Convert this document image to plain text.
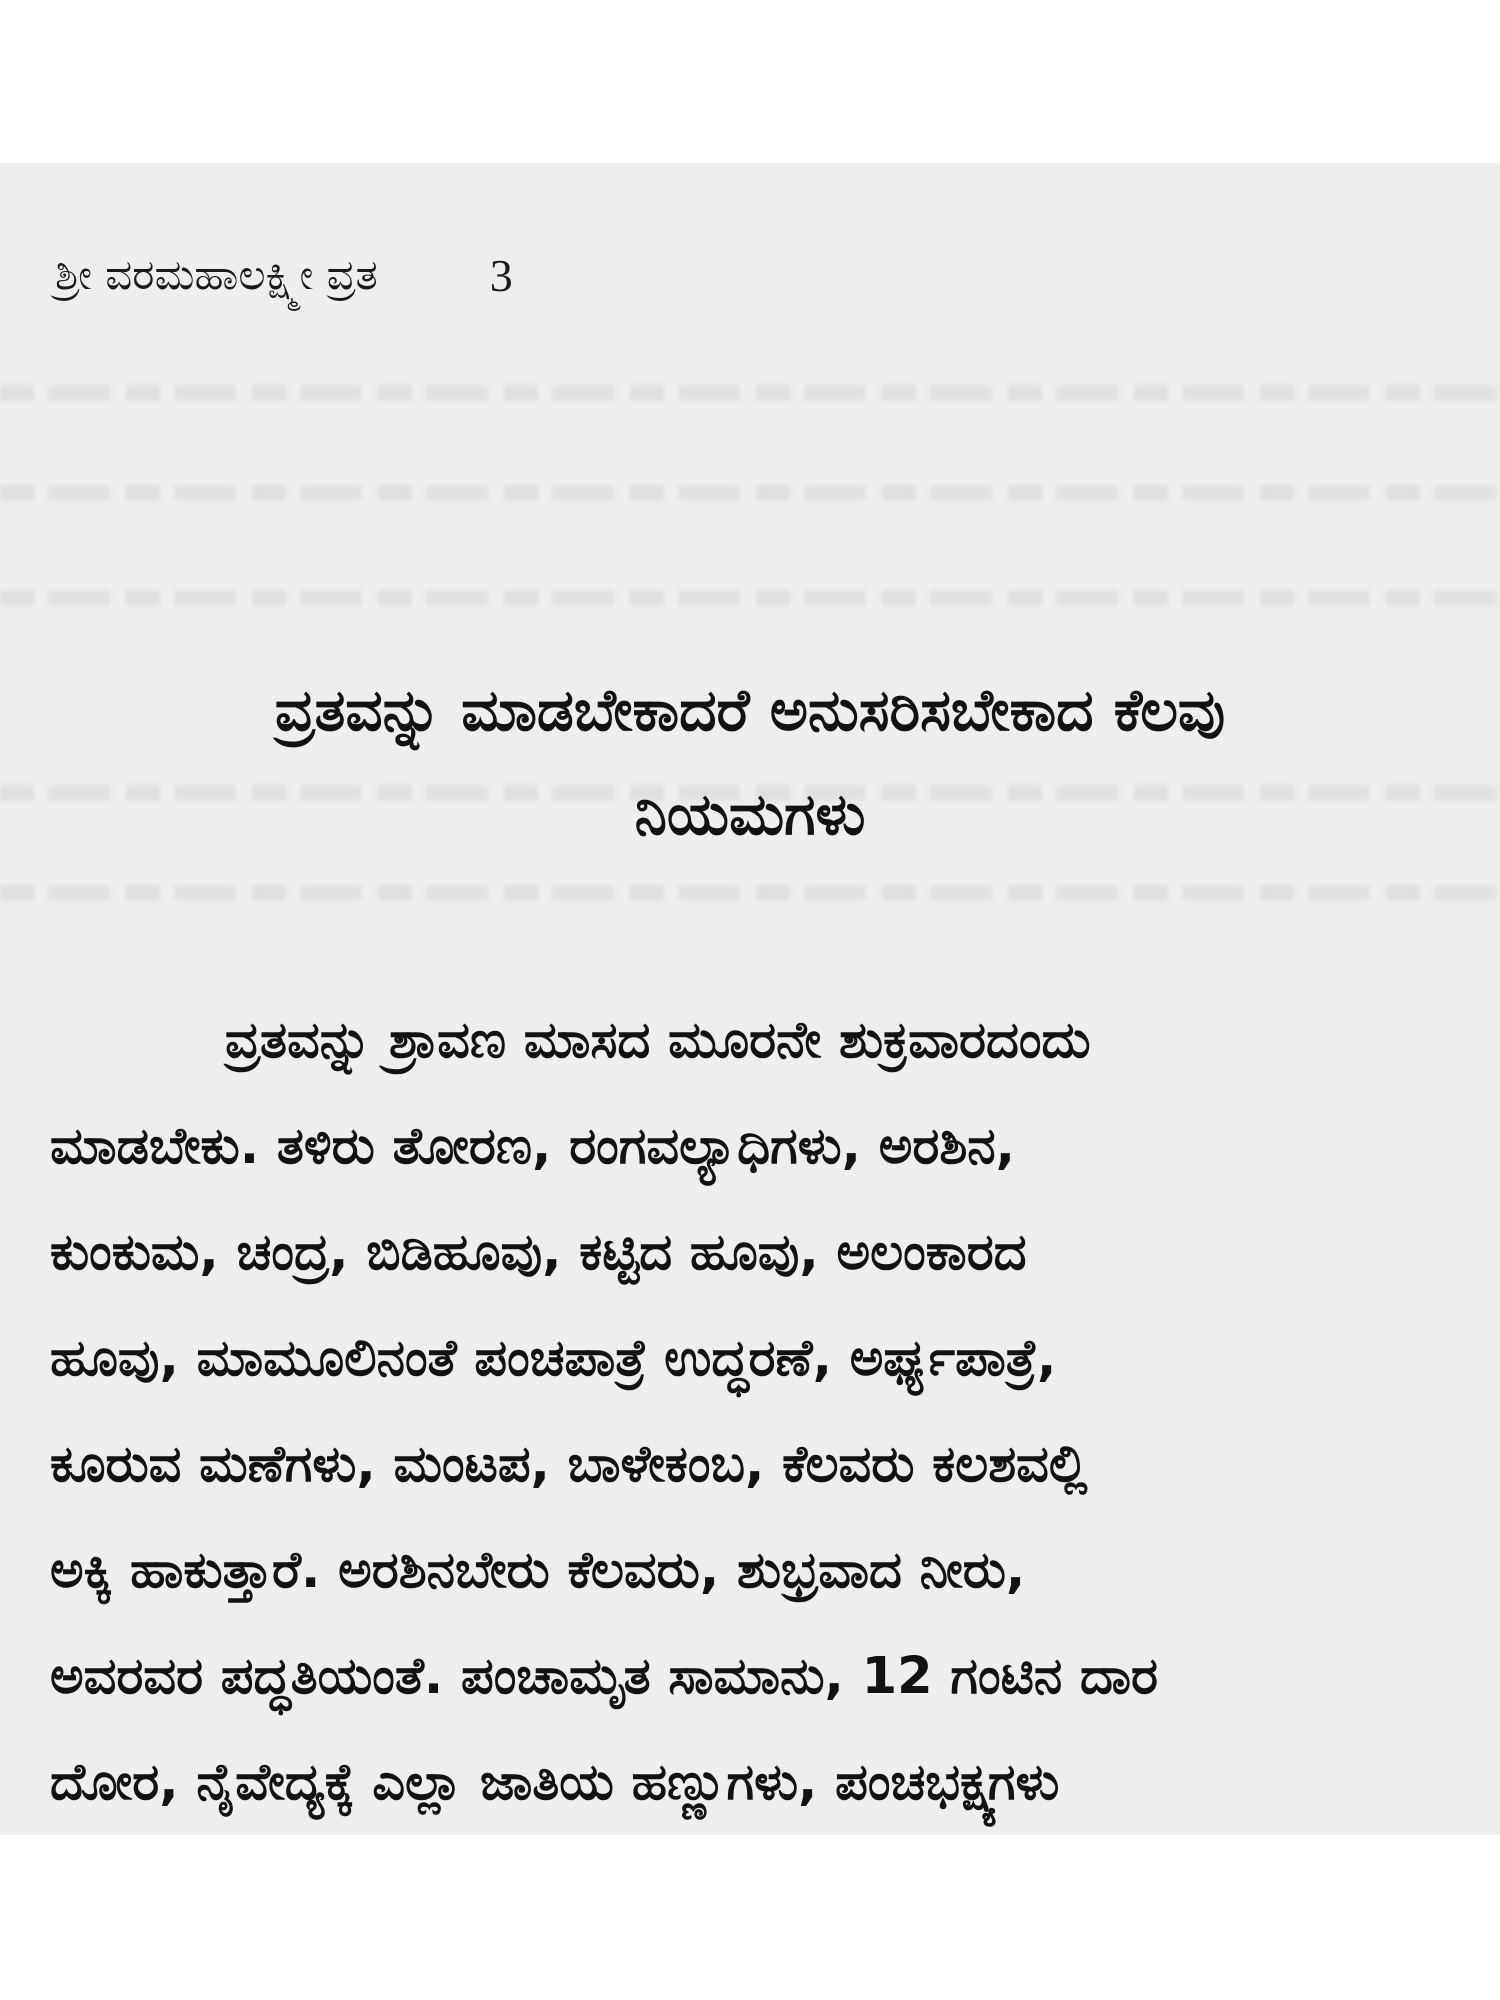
ಶ್ರೀ ವರಮಹಾಲಕ್ಷ್ಮೀ ವ್ರತ 3
ವ್ರತವನ್ನು ಮಾಡಬೇಕಾದರೆ ಅನುಸರಿಸಬೇಕಾದ ಕೆಲವು
ನಿಯಮಗಳು
ವ್ರತವನ್ನು ಶ್ರಾವಣ ಮಾಸದ ಮೂರನೇ ಶುಕ್ರವಾರದಂದು
ಮಾಡಬೇಕು. ತಳಿರು ತೋರಣ, ರಂಗವಲ್ಯಾಧಿಗಳು, ಅರಶಿನ,
ಕುಂಕುಮ, ಚಂದ್ರ, ಬಿಡಿಹೂವು, ಕಟ್ಟಿದ ಹೂವು, ಅಲಂಕಾರದ
ಹೂವು, ಮಾಮೂಲಿನಂತೆ ಪಂಚಪಾತ್ರೆ ಉದ್ಧರಣೆ, ಅರ್ಘ್ಯಪಾತ್ರೆ,
ಕೂರುವ ಮಣೆಗಳು, ಮಂಟಪ, ಬಾಳೇಕಂಬ, ಕೆಲವರು ಕಲಶವಲ್ಲಿ
ಅಕ್ಕಿ ಹಾಕುತ್ತಾರೆ. ಅರಶಿನಬೇರು ಕೆಲವರು, ಶುಭ್ರವಾದ ನೀರು,
ಅವರವರ ಪದ್ಧತಿಯಂತೆ. ಪಂಚಾಮೃತ ಸಾಮಾನು, 12 ಗಂಟಿನ ದಾರ
ದೋರ, ನೈವೇದ್ಯಕ್ಕೆ ಎಲ್ಲಾ ಜಾತಿಯ ಹಣ್ಣುಗಳು, ಪಂಚಭಕ್ಷ್ಯಗಳು
